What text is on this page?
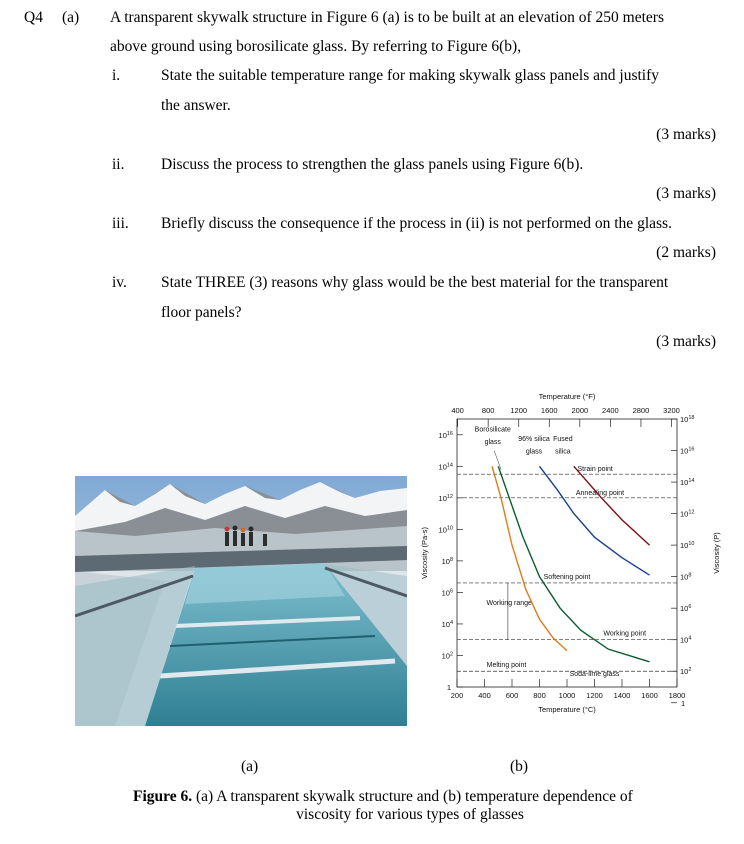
Q4 (a) A transparent skywalk structure in Figure 6 (a) is to be built at an elevation of 250 meters
above ground using borosilicate glass. By referring to Figure 6(b),
i.	State the suitable temperature range for making skywalk glass panels and justify
the answer.
(3 marks)
ii. Discuss the process to strengthen the glass panels using Figure 6(b).
(3 marks)
iii. Briefly discuss the consequence if the process in (ii) is not performed on the glass.
(2 marks)
iv. State THREE (3) reasons why glass would be the best material for the transparent
floor panels?
(3 marks)
Temperature (°F)
400 800 1200 1600 2000 2400 2800 3200
200 400 600 800 1000 1200 1400 1600 1800
Temperature (°C)
$10^{16}$
$10^{14}$
$10^{12}$
$10^{10}$
$10^8$
$10^6$
$10^4$
$10^2$
1
Viscosity (Pa-s)
$10^{18}$
$10^{16}$
$10^{14}$
$10^{12}$
$10^{10}$
$10^8$
$10^6$
$10^4$
$10^2$
1
Viscosity (P)
Strain point
Annealing point
Softening point
Working point
Melting point
Working range
Borosilicate
glass 96% silica
glass
Fused
silica
Soda-lime glass
(a)	(b)
Figure 6. (a) A transparent skywalk structure and (b) temperature dependence of
viscosity for various types of glasses
